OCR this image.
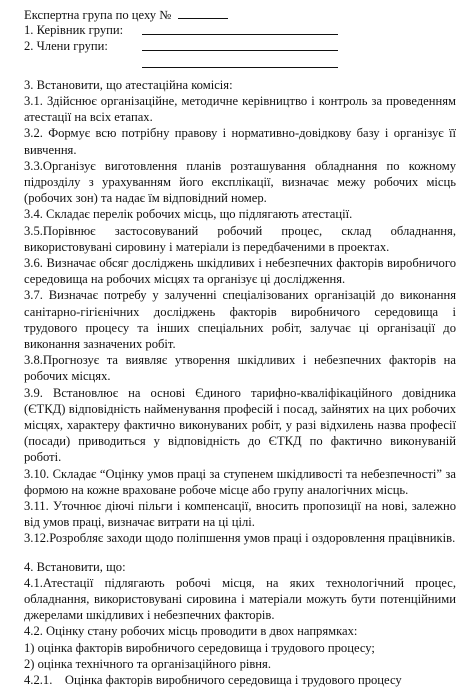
Експертна група по цеху №
1. Керівник групи:
2. Члени групи:

3. Встановити, що атестаційна комісія:

3.1. Здійснює організаційне, методичне керівництво і контроль за проведенням атестації на всіх етапах.

3.2. Формує всю потрібну правову і нормативно-довідкову базу і організує її вивчення.

3.3.Організує виготовлення планів розташування обладнання по кожному підрозділу з урахуванням його експлікації, визначає межу робочих місць (робочих зон) та надає їм відповідний номер.

3.4. Складає перелік робочих місць, що підлягають атестації.

3.5.Порівнює застосовуваний робочий процес, склад обладнання, використовувані сировину і матеріали із передбаченими в проектах.

3.6. Визначає обсяг досліджень шкідливих і небезпечних факторів виробничого середовища на робочих місцях та організує ці дослідження.

3.7. Визначає потребу у залученні спеціалізованих організацій до виконання санітарно-гігієнічних досліджень факторів виробничого середовища і трудового процесу та інших спеціальних робіт, залучає ці організації до виконання зазначених робіт.

3.8.Прогнозує та виявляє утворення шкідливих і небезпечних факторів на робочих місцях.

3.9. Встановлює на основі Єдиного тарифно-кваліфікаційного довідника (ЄТКД) відповідність найменування професій і посад, зайнятих на цих робочих місцях, характеру фактично виконуваних робіт, у разі відхилень назва професії (посади) приводиться у відповідність до ЄТКД по фактично виконуваній роботі.

3.10. Складає “Оцінку умов праці за ступенем шкідливості та небезпечності” за формою на кожне враховане робоче місце або групу аналогічних місць.

3.11. Уточнює діючі пільги і компенсації, вносить пропозиції на нові, залежно від умов праці, визначає витрати на ці цілі.

3.12.Розробляє заходи щодо поліпшення умов праці і оздоровлення працівників.

4. Встановити, що:

4.1.Атестації підлягають робочі місця, на яких технологічний процес, обладнання, використовувані сировина і матеріали можуть бути потенційними джерелами шкідливих і небезпечних факторів.

4.2. Оцінку стану робочих місць проводити в двох напрямках:

1) оцінка факторів виробничого середовища і трудового процесу;

2) оцінка технічного та організаційного рівня.

4.2.1.    Оцінка факторів виробничого середовища і трудового процесу
